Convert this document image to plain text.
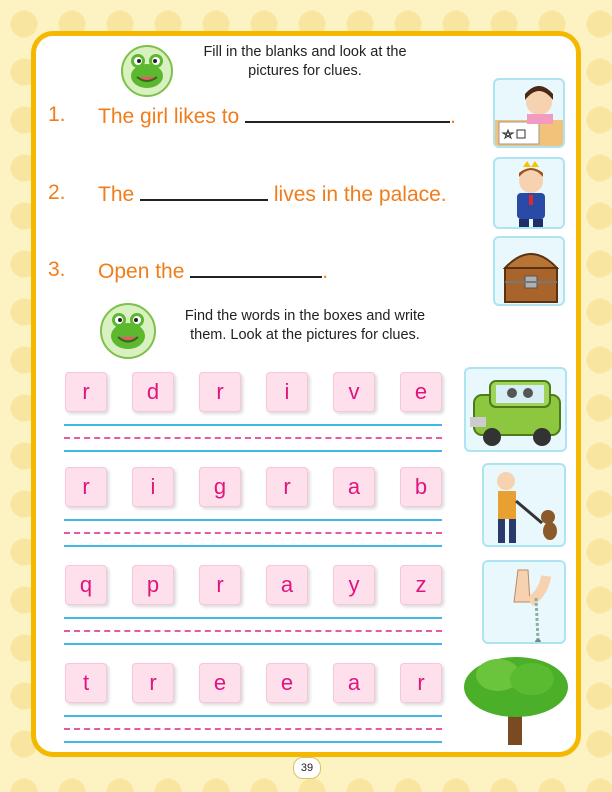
Fill in the blanks and look at the
pictures for clues.
1. The girl likes to	.
2. The	lives in the palace.
3. Open the	.
Find the words in the boxes and write
them. Look at the pictures for clues.
r	d	r	i	v	e
r	i	g	r	a	b
q	p	r	a	y	z
t	r	e	e	a	r
39
